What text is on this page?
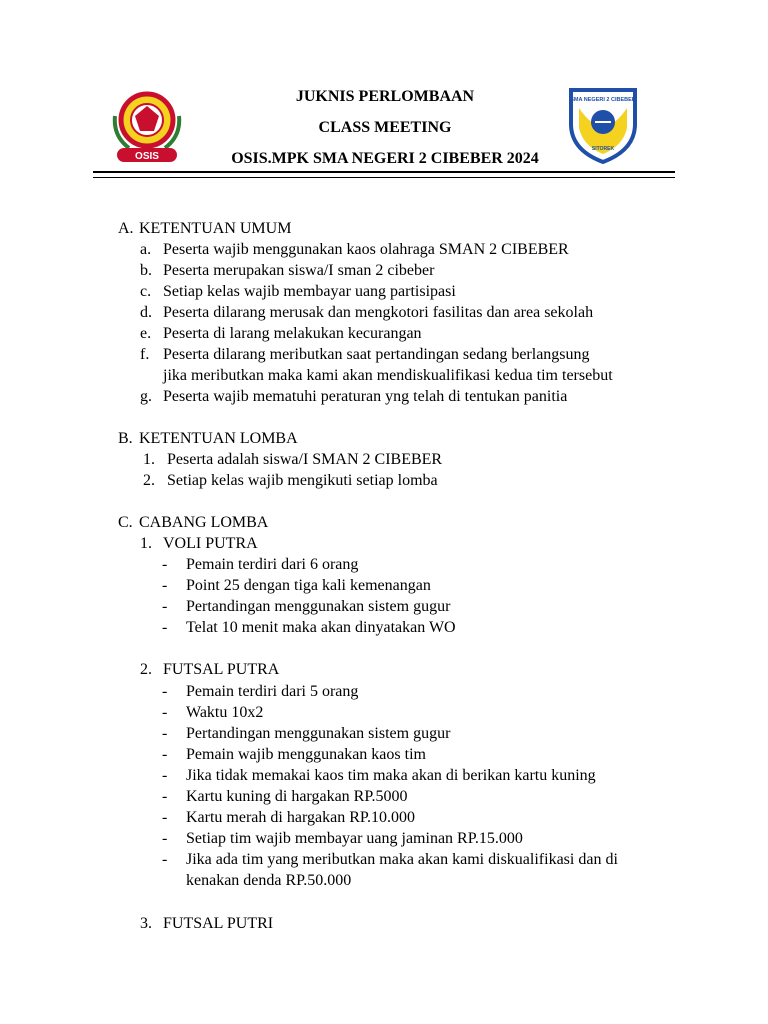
OSIS
JUKNIS PERLOMBAAN
CLASS MEETING
OSIS.MPK SMA NEGERI 2 CIBEBER 2024
SMA NEGERI 2 CIBEBER
SITOREK
A. KETENTUAN UMUM
a. Peserta wajib menggunakan kaos olahraga SMAN 2 CIBEBER
b. Peserta merupakan siswa/I sman 2 cibeber
c. Setiap kelas wajib membayar uang partisipasi
d. Peserta dilarang merusak dan mengkotori fasilitas dan area sekolah
e. Peserta di larang melakukan kecurangan
f. Peserta dilarang meributkan saat pertandingan sedang berlangsung
jika meributkan maka kami akan mendiskualifikasi kedua tim tersebut
g. Peserta wajib mematuhi peraturan yng telah di tentukan panitia
B. KETENTUAN LOMBA
1. Peserta adalah siswa/I SMAN 2 CIBEBER
2. Setiap kelas wajib mengikuti setiap lomba
C. CABANG LOMBA
1. VOLI PUTRA
- Pemain terdiri dari 6 orang
- Point 25 dengan tiga kali kemenangan
- Pertandingan menggunakan sistem gugur
- Telat 10 menit maka akan dinyatakan WO
2. FUTSAL PUTRA
- Pemain terdiri dari 5 orang
- Waktu 10x2
- Pertandingan menggunakan sistem gugur
- Pemain wajib menggunakan kaos tim
- Jika tidak memakai kaos tim maka akan di berikan kartu kuning
- Kartu kuning di hargakan RP.5000
- Kartu merah di hargakan RP.10.000
- Setiap tim wajib membayar uang jaminan RP.15.000
- Jika ada tim yang meributkan maka akan kami diskualifikasi dan di
kenakan denda RP.50.000
3. FUTSAL PUTRI
